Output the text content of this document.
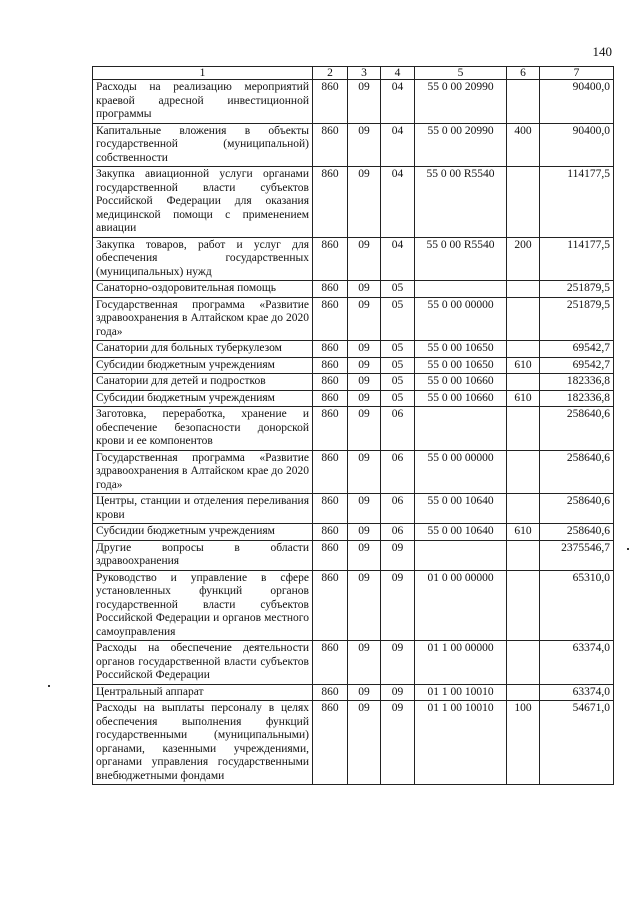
140
1	2	3	4	5	6	7
Расходы на реализацию мероприятий краевой адресной инвестиционной программы	860	09	04	55 0 00 20990		90400,0
Капитальные вложения в объекты государственной (муниципальной) собственности	860	09	04	55 0 00 20990	400	90400,0
Закупка авиационной услуги органами государственной власти субъектов Российской Федерации для оказания медицинской помощи с применением авиации	860	09	04	55 0 00 R5540		114177,5
Закупка товаров, работ и услуг для обеспечения государственных (муниципальных) нужд	860	09	04	55 0 00 R5540	200	114177,5
Санаторно-оздоровительная помощь	860	09	05			251879,5
Государственная программа «Развитие здравоохранения в Алтайском крае до 2020 года»	860	09	05	55 0 00 00000		251879,5
Санатории для больных туберкулезом	860	09	05	55 0 00 10650		69542,7
Субсидии бюджетным учреждениям	860	09	05	55 0 00 10650	610	69542,7
Санатории для детей и подростков	860	09	05	55 0 00 10660		182336,8
Субсидии бюджетным учреждениям	860	09	05	55 0 00 10660	610	182336,8
Заготовка, переработка, хранение и обеспечение безопасности донорской крови и ее компонентов	860	09	06			258640,6
Государственная программа «Развитие здравоохранения в Алтайском крае до 2020 года»	860	09	06	55 0 00 00000		258640,6
Центры, станции и отделения переливания крови	860	09	06	55 0 00 10640		258640,6
Субсидии бюджетным учреждениям	860	09	06	55 0 00 10640	610	258640,6
Другие вопросы в области здравоохранения	860	09	09			2375546,7
Руководство и управление в сфере установленных функций органов государственной власти субъектов Российской Федерации и органов местного самоуправления	860	09	09	01 0 00 00000		65310,0
Расходы на обеспечение деятельности органов государственной власти субъектов Российской Федерации	860	09	09	01 1 00 00000		63374,0
Центральный аппарат	860	09	09	01 1 00 10010		63374,0
Расходы на выплаты персоналу в целях обеспечения выполнения функций государственными (муниципальными) органами, казенными учреждениями, органами управления государственными внебюджетными фондами	860	09	09	01 1 00 10010	100	54671,0
